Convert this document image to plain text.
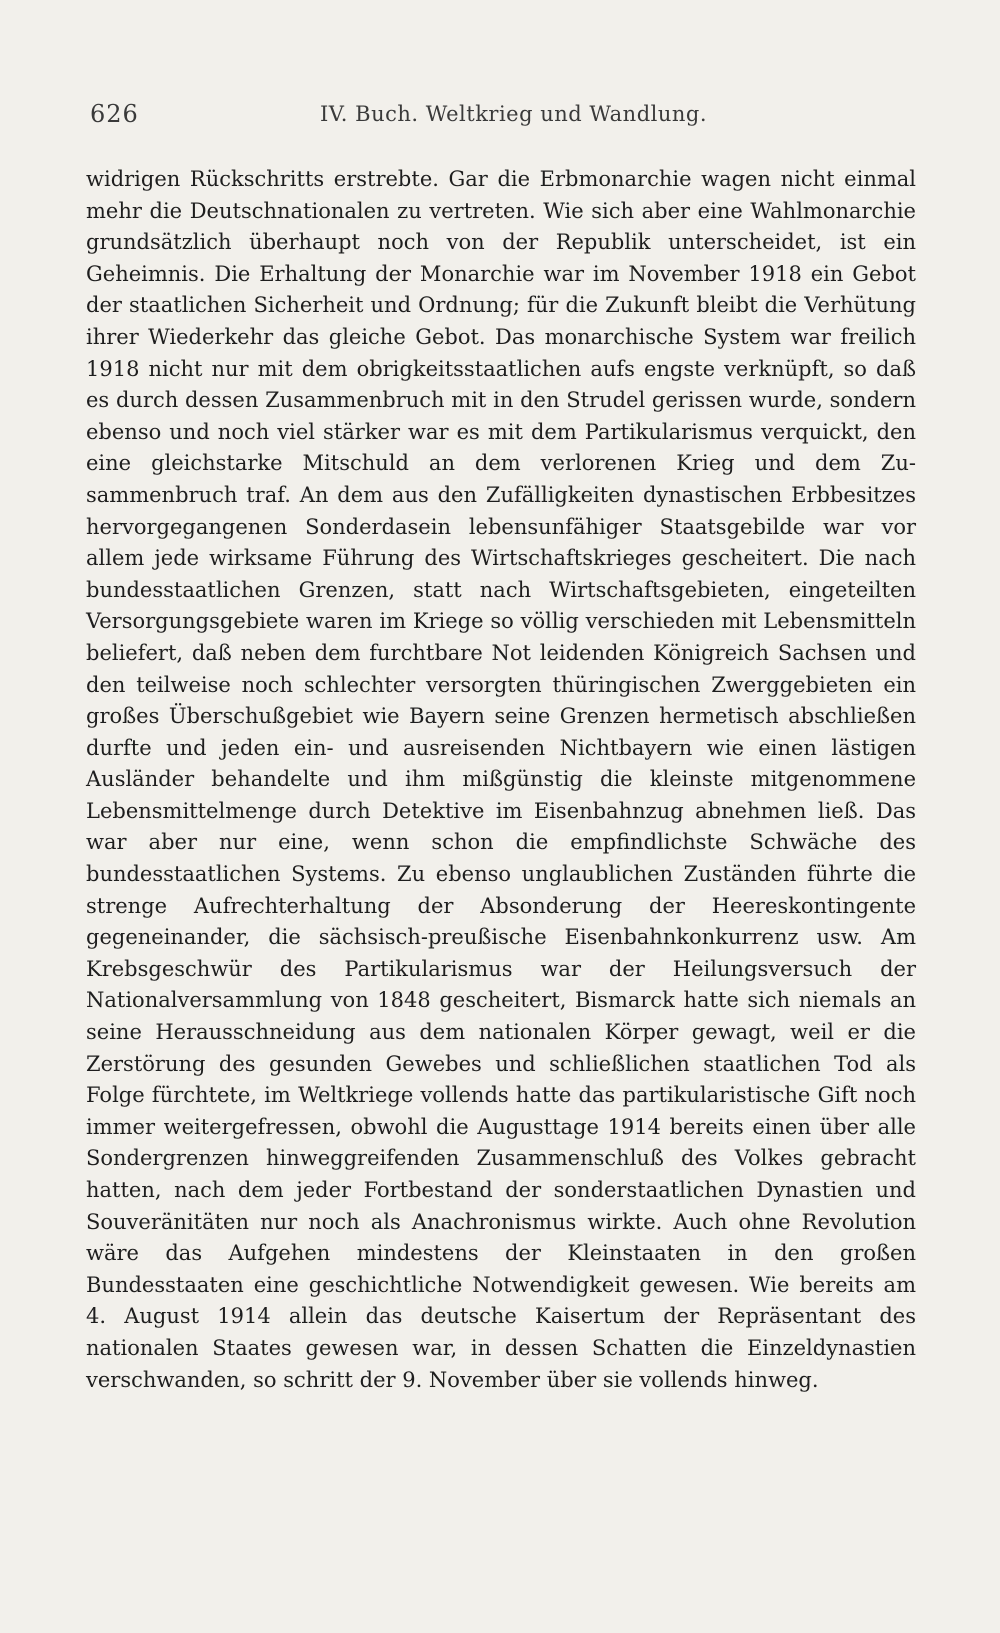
626	IV. Buch. Weltkrieg und Wandlung.

widrigen Rückschritts erstrebte. Gar die Erbmonarchie wagen nicht einmal mehr die Deutschnationalen zu vertreten. Wie sich aber eine Wahlmonarchie grundsätzlich überhaupt noch von der Republik unterscheidet, ist ein Geheimnis. Die Erhaltung der Monarchie war im November 1918 ein Gebot der staatlichen Sicherheit und Ordnung; für die Zukunft bleibt die Verhütung ihrer Wiederkehr das gleiche Gebot. Das monarchische System war freilich 1918 nicht nur mit dem obrigkeitsstaatlichen aufs engste verknüpft, so daß es durch dessen Zusammenbruch mit in den Strudel gerissen wurde, sondern ebenso und noch viel stärker war es mit dem Partikularismus verquickt, den eine gleichstarke Mitschuld an dem verlorenen Krieg und dem Zusammenbruch traf. An dem aus den Zufälligkeiten dynastischen Erbbesitzes hervorgegangenen Sonderdasein lebensunfähiger Staatsgebilde war vor allem jede wirksame Führung des Wirtschaftskrieges gescheitert. Die nach bundesstaatlichen Grenzen, statt nach Wirtschaftsgebieten, eingeteilten Versorgungsgebiete waren im Kriege so völlig verschieden mit Lebensmitteln beliefert, daß neben dem furchtbare Not leidenden Königreich Sachsen und den teilweise noch schlechter versorgten thüringischen Zwerggebieten ein großes Überschußgebiet wie Bayern seine Grenzen hermetisch abschließen durfte und jeden ein- und ausreisenden Nichtbayern wie einen lästigen Ausländer behandelte und ihm mißgünstig die kleinste mitgenommene Lebensmittelmenge durch Detektive im Eisenbahnzug abnehmen ließ. Das war aber nur eine, wenn schon die empfindlichste Schwäche des bundesstaatlichen Systems. Zu ebenso unglaublichen Zuständen führte die strenge Aufrechterhaltung der Absonderung der Heereskontingente gegeneinander, die sächsisch-preußische Eisenbahnkonkurrenz usw. Am Krebsgeschwür des Partikularismus war der Heilungsversuch der Nationalversammlung von 1848 gescheitert, Bismarck hatte sich niemals an seine Herausschneidung aus dem nationalen Körper gewagt, weil er die Zerstörung des gesunden Gewebes und schließlichen staatlichen Tod als Folge fürchtete, im Weltkriege vollends hatte das partikularistische Gift noch immer weitergefressen, obwohl die Augusttage 1914 bereits einen über alle Sondergrenzen hinweggreifenden Zusammenschluß des Volkes gebracht hatten, nach dem jeder Fortbestand der sonderstaatlichen Dynastien und Souveränitäten nur noch als Anachronismus wirkte. Auch ohne Revolution wäre das Aufgehen mindestens der Kleinstaaten in den großen Bundesstaaten eine geschichtliche Notwendigkeit gewesen. Wie bereits am 4. August 1914 allein das deutsche Kaisertum der Repräsentant des nationalen Staates gewesen war, in dessen Schatten die Einzeldynastien verschwanden, so schritt der 9. November über sie vollends hinweg.
